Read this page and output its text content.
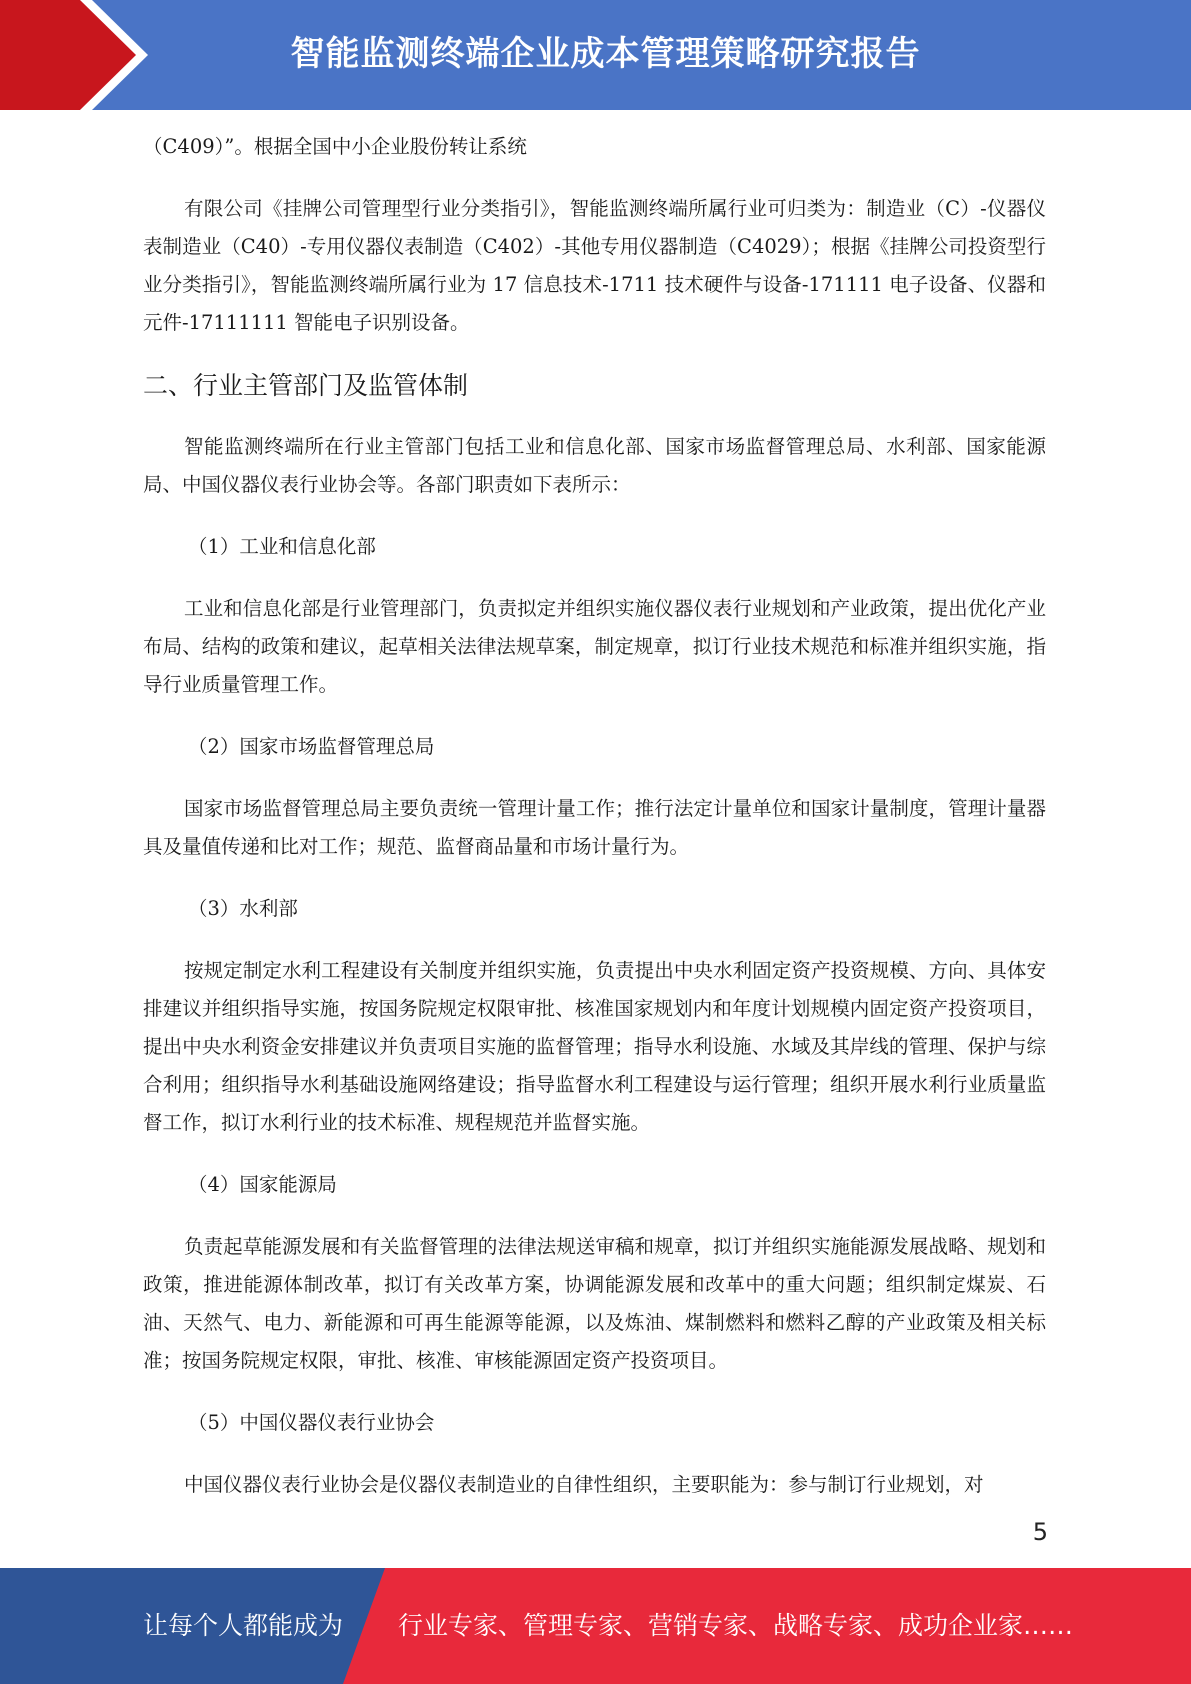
智能监测终端企业成本管理策略研究报告

（C409）”。根据全国中小企业股份转让系统

有限公司《挂牌公司管理型行业分类指引》，智能监测终端所属行业可归类为：制造业（C）-仪器仪表制造业（C40）-专用仪器仪表制造（C402）-其他专用仪器制造（C4029）；根据《挂牌公司投资型行业分类指引》，智能监测终端所属行业为 17 信息技术-1711 技术硬件与设备-171111 电子设备、仪器和元件-17111111 智能电子识别设备。

二、行业主管部门及监管体制

智能监测终端所在行业主管部门包括工业和信息化部、国家市场监督管理总局、水利部、国家能源局、中国仪器仪表行业协会等。各部门职责如下表所示：

（1）工业和信息化部

工业和信息化部是行业管理部门，负责拟定并组织实施仪器仪表行业规划和产业政策，提出优化产业布局、结构的政策和建议，起草相关法律法规草案，制定规章，拟订行业技术规范和标准并组织实施，指导行业质量管理工作。

（2）国家市场监督管理总局

国家市场监督管理总局主要负责统一管理计量工作；推行法定计量单位和国家计量制度，管理计量器具及量值传递和比对工作；规范、监督商品量和市场计量行为。

（3）水利部

按规定制定水利工程建设有关制度并组织实施，负责提出中央水利固定资产投资规模、方向、具体安排建议并组织指导实施，按国务院规定权限审批、核准国家规划内和年度计划规模内固定资产投资项目，提出中央水利资金安排建议并负责项目实施的监督管理；指导水利设施、水域及其岸线的管理、保护与综合利用；组织指导水利基础设施网络建设；指导监督水利工程建设与运行管理；组织开展水利行业质量监督工作，拟订水利行业的技术标准、规程规范并监督实施。

（4）国家能源局

负责起草能源发展和有关监督管理的法律法规送审稿和规章，拟订并组织实施能源发展战略、规划和政策，推进能源体制改革，拟订有关改革方案，协调能源发展和改革中的重大问题；组织制定煤炭、石油、天然气、电力、新能源和可再生能源等能源，以及炼油、煤制燃料和燃料乙醇的产业政策及相关标准；按国务院规定权限，审批、核准、审核能源固定资产投资项目。

（5）中国仪器仪表行业协会

中国仪器仪表行业协会是仪器仪表制造业的自律性组织，主要职能为：参与制订行业规划，对

5
让每个人都能成为 行业专家、管理专家、营销专家、战略专家、成功企业家……
